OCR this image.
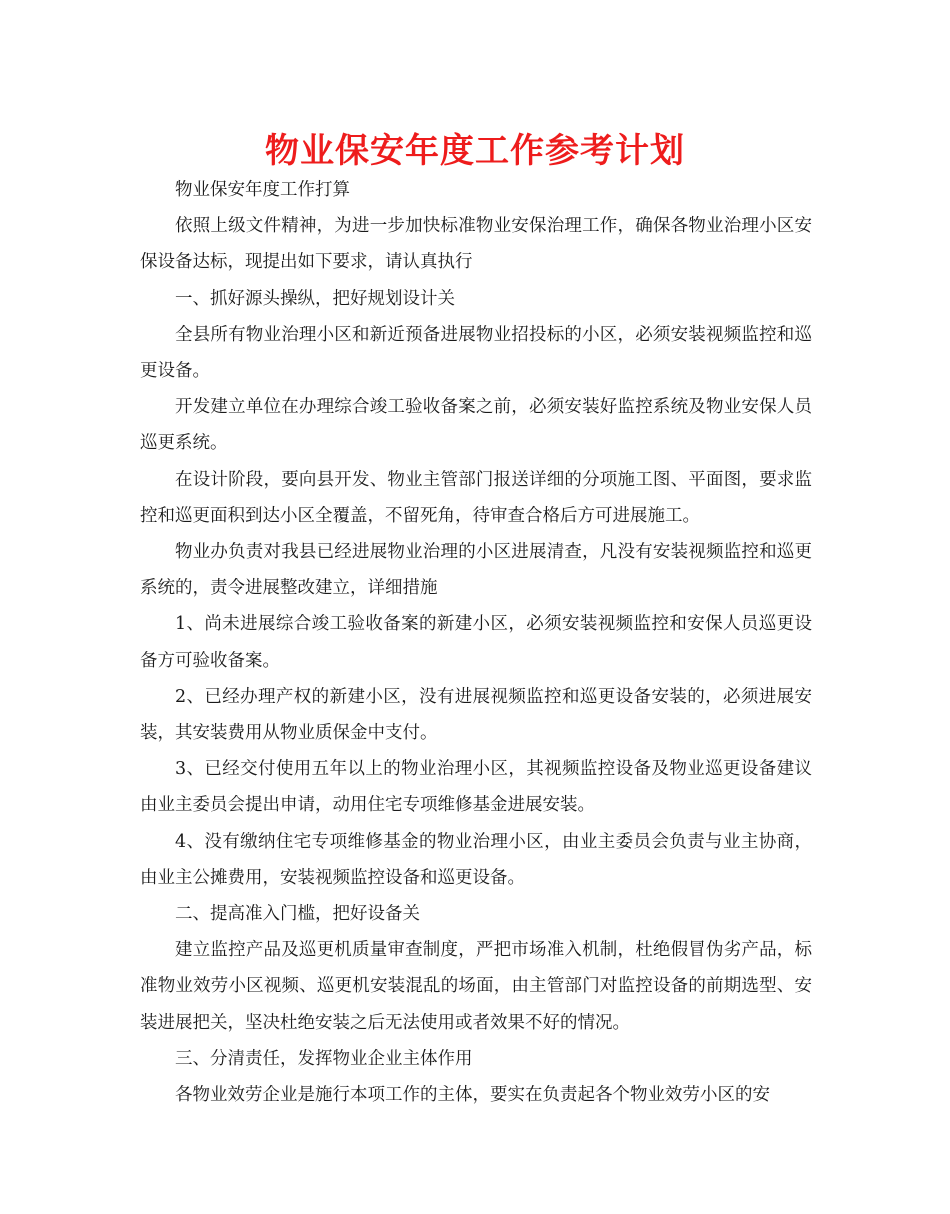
物业保安年度工作参考计划

物业保安年度工作打算

依照上级文件精神，为进一步加快标准物业安保治理工作，确保各物业治理小区安保设备达标，现提出如下要求，请认真执行

一、抓好源头操纵，把好规划设计关

全县所有物业治理小区和新近预备进展物业招投标的小区，必须安装视频监控和巡更设备。

开发建立单位在办理综合竣工验收备案之前，必须安装好监控系统及物业安保人员巡更系统。

在设计阶段，要向县开发、物业主管部门报送详细的分项施工图、平面图，要求监控和巡更面积到达小区全覆盖，不留死角，待审查合格后方可进展施工。

物业办负责对我县已经进展物业治理的小区进展清查，凡没有安装视频监控和巡更系统的，责令进展整改建立，详细措施

1、尚未进展综合竣工验收备案的新建小区，必须安装视频监控和安保人员巡更设备方可验收备案。

2、已经办理产权的新建小区，没有进展视频监控和巡更设备安装的，必须进展安装，其安装费用从物业质保金中支付。

3、已经交付使用五年以上的物业治理小区，其视频监控设备及物业巡更设备建议由业主委员会提出申请，动用住宅专项维修基金进展安装。

4、没有缴纳住宅专项维修基金的物业治理小区，由业主委员会负责与业主协商，由业主公摊费用，安装视频监控设备和巡更设备。

二、提高准入门槛，把好设备关

建立监控产品及巡更机质量审查制度，严把市场准入机制，杜绝假冒伪劣产品，标准物业效劳小区视频、巡更机安装混乱的场面，由主管部门对监控设备的前期选型、安装进展把关，坚决杜绝安装之后无法使用或者效果不好的情况。

三、分清责任，发挥物业企业主体作用

各物业效劳企业是施行本项工作的主体，要实在负责起各个物业效劳小区的安
